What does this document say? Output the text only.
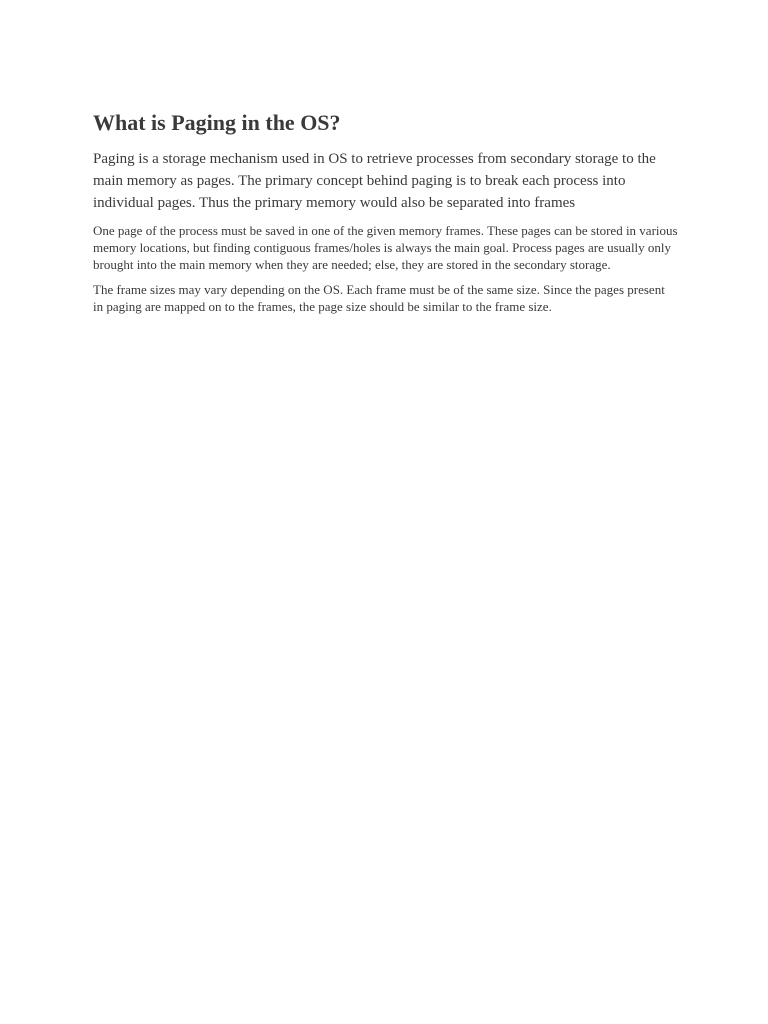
What is Paging in the OS?

Paging is a storage mechanism used in OS to retrieve processes from secondary storage to the main memory as pages. The primary concept behind paging is to break each process into individual pages. Thus the primary memory would also be separated into frames

One page of the process must be saved in one of the given memory frames. These pages can be stored in various memory locations, but finding contiguous frames/holes is always the main goal. Process pages are usually only brought into the main memory when they are needed; else, they are stored in the secondary storage.

The frame sizes may vary depending on the OS. Each frame must be of the same size. Since the pages present in paging are mapped on to the frames, the page size should be similar to the frame size.
